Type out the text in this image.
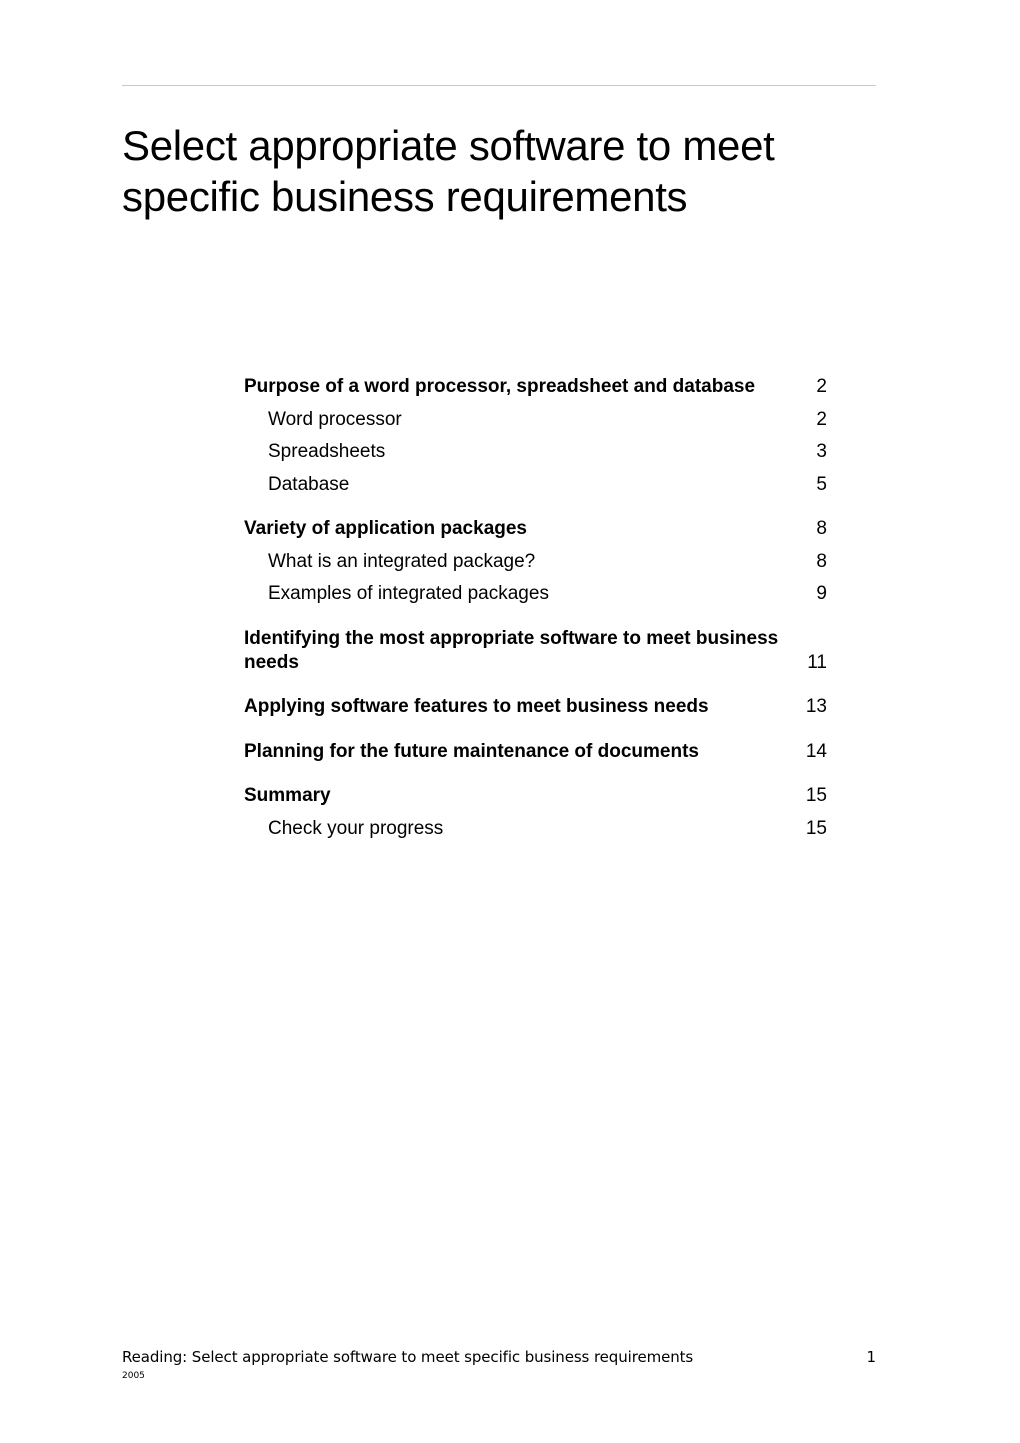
Select appropriate software to meet specific business requirements
Purpose of a word processor, spreadsheet and database	2
Word processor	2
Spreadsheets	3
Database	5
Variety of application packages	8
What is an integrated package?	8
Examples of integrated packages	9
Identifying the most appropriate software to meet business needs	11
Applying software features to meet business needs	13
Planning for the future maintenance of documents	14
Summary	15
Check your progress	15
Reading: Select appropriate software to meet specific business requirements	1
2005
